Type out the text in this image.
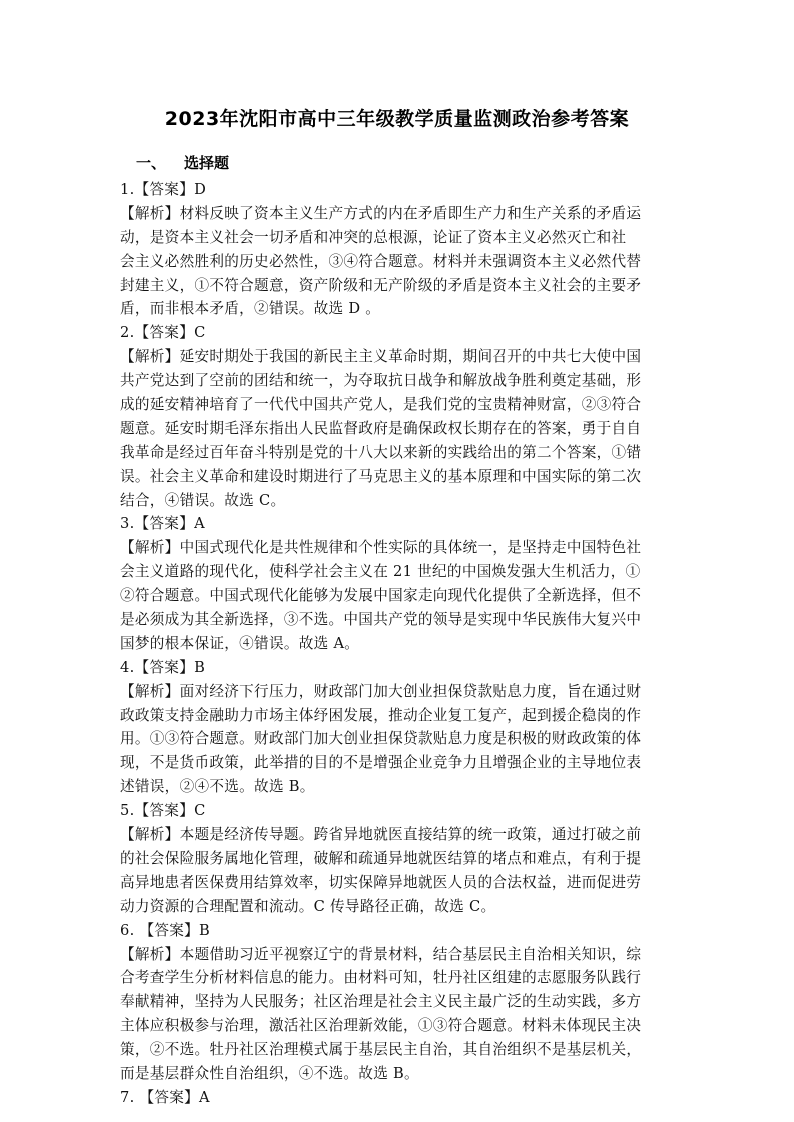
2023年沈阳市高中三年级教学质量监测政治参考答案
一、 选择题
1.【答案】D
【解析】材料反映了资本主义生产方式的内在矛盾即生产力和生产关系的矛盾运
动，是资本主义社会一切矛盾和冲突的总根源，论证了资本主义必然灭亡和社
会主义必然胜利的历史必然性，③④符合题意。材料并未强调资本主义必然代替
封建主义，①不符合题意，资产阶级和无产阶级的矛盾是资本主义社会的主要矛
盾，而非根本矛盾，②错误。故选 D 。
2.【答案】C
【解析】延安时期处于我国的新民主主义革命时期，期间召开的中共七大使中国
共产党达到了空前的团结和统一，为夺取抗日战争和解放战争胜利奠定基础，形
成的延安精神培育了一代代中国共产党人，是我们党的宝贵精神财富，②③符合
题意。延安时期毛泽东指出人民监督政府是确保政权长期存在的答案，勇于自自
我革命是经过百年奋斗特别是党的十八大以来新的实践给出的第二个答案，①错
误。社会主义革命和建设时期进行了马克思主义的基本原理和中国实际的第二次
结合，④错误。故选 C。
3.【答案】A
【解析】中国式现代化是共性规律和个性实际的具体统一，是坚持走中国特色社
会主义道路的现代化，使科学社会主义在 21 世纪的中国焕发强大生机活力，①
②符合题意。中国式现代化能够为发展中国家走向现代化提供了全新选择，但不
是必须成为其全新选择，③不选。中国共产党的领导是实现中华民族伟大复兴中
国梦的根本保证，④错误。故选 A。
4.【答案】B
【解析】面对经济下行压力，财政部门加大创业担保贷款贴息力度，旨在通过财
政政策支持金融助力市场主体纾困发展，推动企业复工复产，起到援企稳岗的作
用。①③符合题意。财政部门加大创业担保贷款贴息力度是积极的财政政策的体
现，不是货币政策，此举措的目的不是增强企业竞争力且增强企业的主导地位表
述错误，②④不选。故选 B。
5.【答案】C
【解析】本题是经济传导题。跨省异地就医直接结算的统一政策，通过打破之前
的社会保险服务属地化管理，破解和疏通异地就医结算的堵点和难点，有利于提
高异地患者医保费用结算效率，切实保障异地就医人员的合法权益，进而促进劳
动力资源的合理配置和流动。C 传导路径正确，故选 C。
6. 【答案】B
【解析】本题借助习近平视察辽宁的背景材料，结合基层民主自治相关知识，综
合考查学生分析材料信息的能力。由材料可知，牡丹社区组建的志愿服务队践行
奉献精神，坚持为人民服务；社区治理是社会主义民主最广泛的生动实践，多方
主体应积极参与治理，激活社区治理新效能，①③符合题意。材料未体现民主决
策，②不选。牡丹社区治理模式属于基层民主自治，其自治组织不是基层机关，
而是基层群众性自治组织，④不选。故选 B。
7. 【答案】A
